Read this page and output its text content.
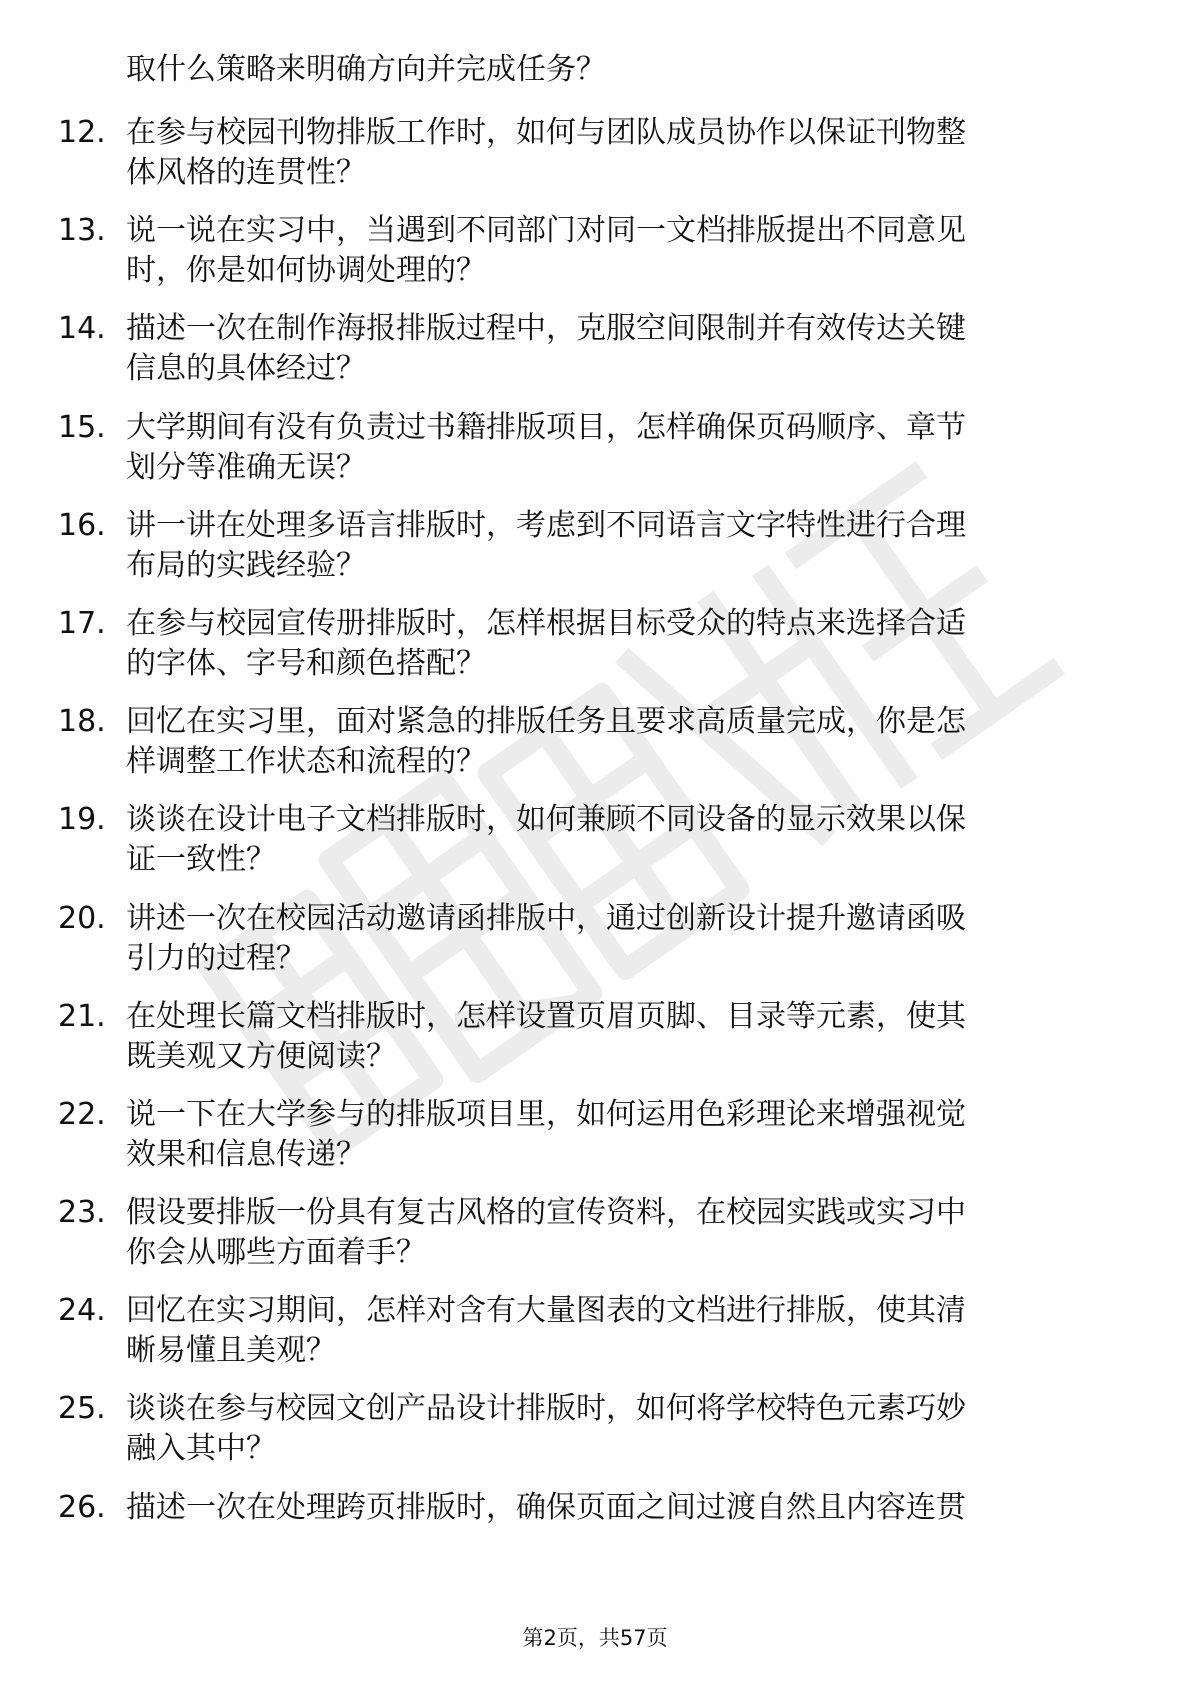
取什么策略来明确方向并完成任务？
12. 在参与校园刊物排版工作时，如何与团队成员协作以保证刊物整
体风格的连贯性？
13. 说一说在实习中，当遇到不同部门对同一文档排版提出不同意见
时，你是如何协调处理的？
14. 描述一次在制作海报排版过程中，克服空间限制并有效传达关键
信息的具体经过？
15. 大学期间有没有负责过书籍排版项目，怎样确保页码顺序、章节
划分等准确无误？
16. 讲一讲在处理多语言排版时，考虑到不同语言文字特性进行合理
布局的实践经验？
17. 在参与校园宣传册排版时，怎样根据目标受众的特点来选择合适
的字体、字号和颜色搭配？
18. 回忆在实习里，面对紧急的排版任务且要求高质量完成，你是怎
样调整工作状态和流程的？
19. 谈谈在设计电子文档排版时，如何兼顾不同设备的显示效果以保
证一致性？
20. 讲述一次在校园活动邀请函排版中，通过创新设计提升邀请函吸
引力的过程？
21. 在处理长篇文档排版时，怎样设置页眉页脚、目录等元素，使其
既美观又方便阅读？
22. 说一下在大学参与的排版项目里，如何运用色彩理论来增强视觉
效果和信息传递？
23. 假设要排版一份具有复古风格的宣传资料，在校园实践或实习中
你会从哪些方面着手？
24. 回忆在实习期间，怎样对含有大量图表的文档进行排版，使其清
晰易懂且美观？
25. 谈谈在参与校园文创产品设计排版时，如何将学校特色元素巧妙
融入其中？
26. 描述一次在处理跨页排版时，确保页面之间过渡自然且内容连贯
第2页，共57页
